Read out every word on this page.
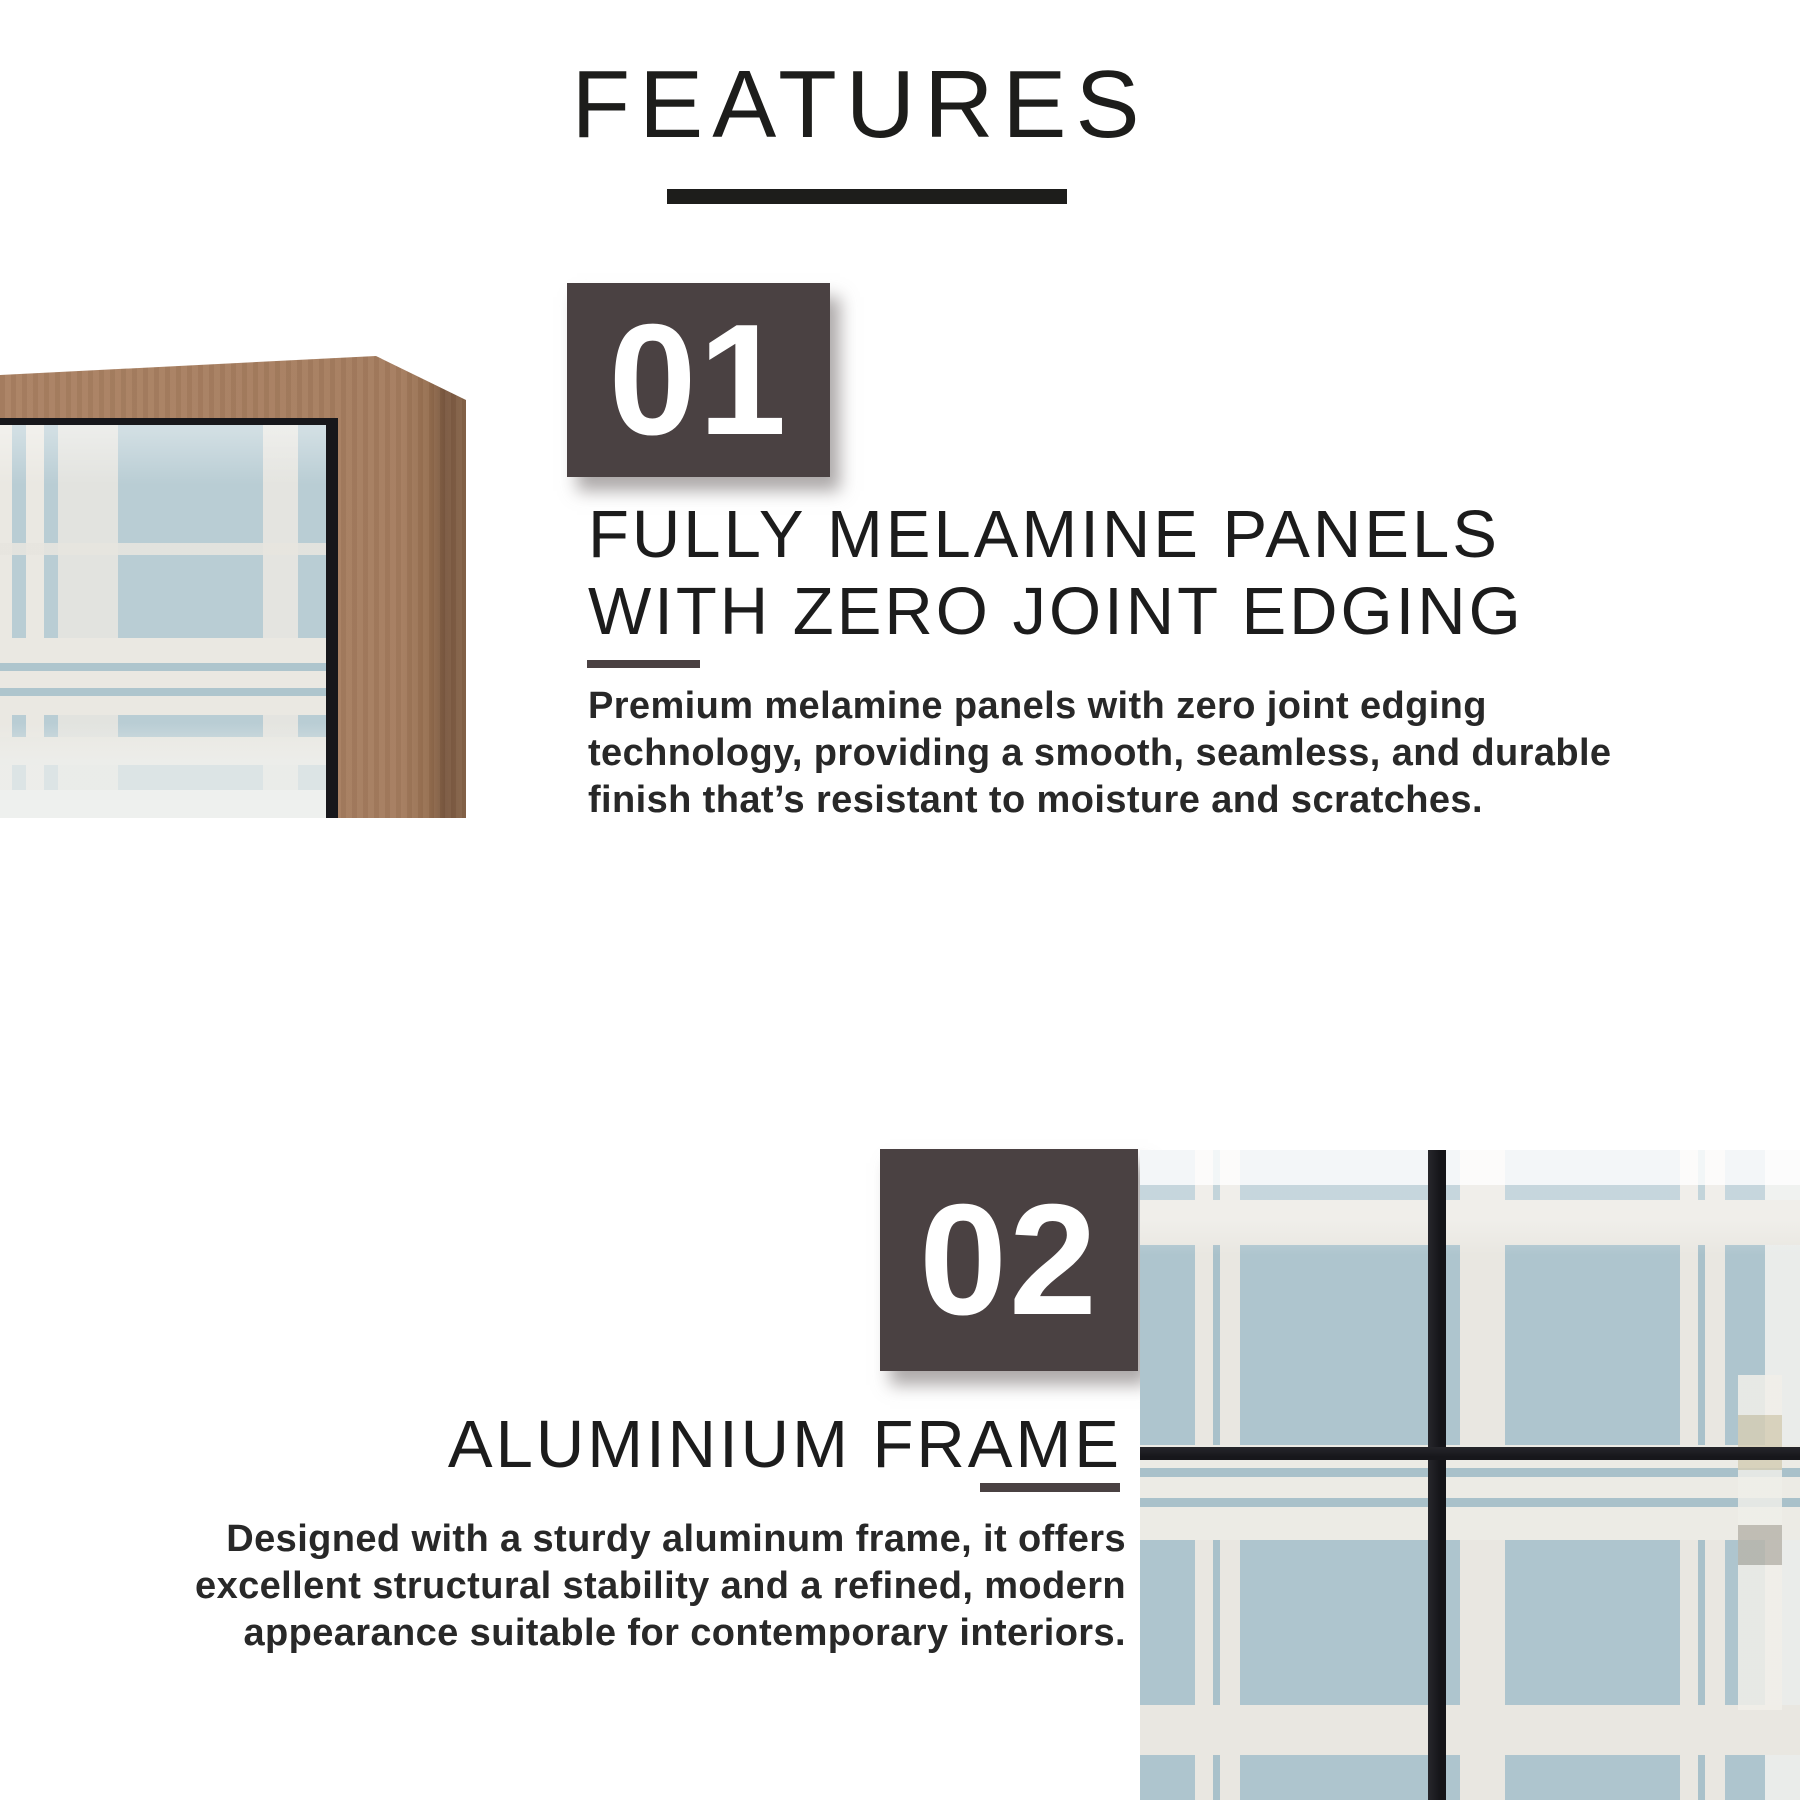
FEATURES
01
FULLY MELAMINE PANELS
WITH ZERO JOINT EDGING
Premium melamine panels with zero joint edging
technology, providing a smooth, seamless, and durable
finish that’s resistant to moisture and scratches.
02
ALUMINIUM FRAME
Designed with a sturdy aluminum frame, it offers
excellent structural stability and a refined, modern
appearance suitable for contemporary interiors.
